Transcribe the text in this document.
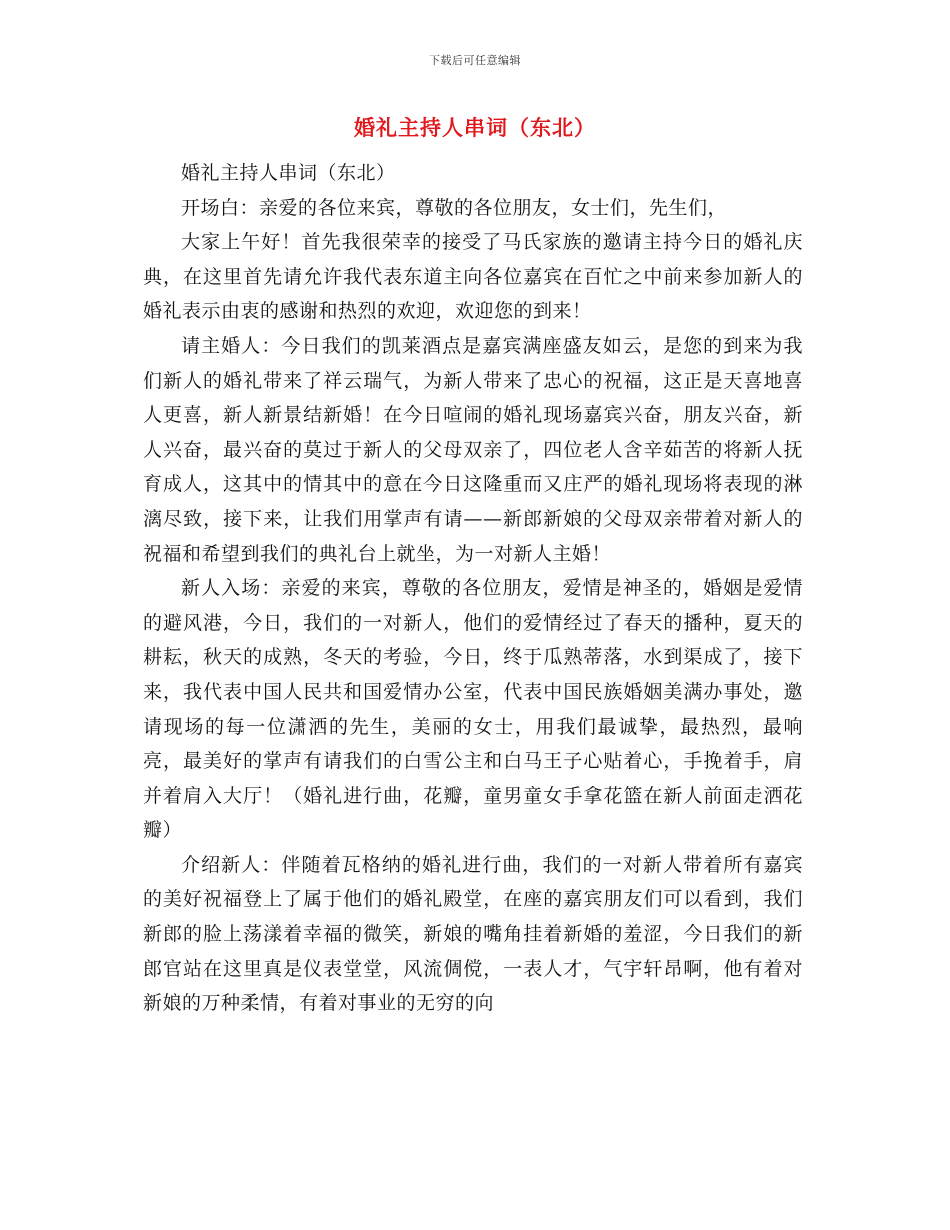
下载后可任意编辑
婚礼主持人串词（东北）

婚礼主持人串词（东北）

开场白：亲爱的各位来宾，尊敬的各位朋友，女士们，先生们，

大家上午好！首先我很荣幸的接受了马氏家族的邀请主持今日的婚礼庆典，在这里首先请允许我代表东道主向各位嘉宾在百忙之中前来参加新人的婚礼表示由衷的感谢和热烈的欢迎，欢迎您的到来！

请主婚人：今日我们的凯莱酒点是嘉宾满座盛友如云，是您的到来为我们新人的婚礼带来了祥云瑞气，为新人带来了忠心的祝福，这正是天喜地喜人更喜，新人新景结新婚！在今日喧闹的婚礼现场嘉宾兴奋，朋友兴奋，新人兴奋，最兴奋的莫过于新人的父母双亲了，四位老人含辛茹苦的将新人抚育成人，这其中的情其中的意在今日这隆重而又庄严的婚礼现场将表现的淋漓尽致，接下来，让我们用掌声有请——新郎新娘的父母双亲带着对新人的祝福和希望到我们的典礼台上就坐，为一对新人主婚！

新人入场：亲爱的来宾，尊敬的各位朋友，爱情是神圣的，婚姻是爱情的避风港，今日，我们的一对新人，他们的爱情经过了春天的播种，夏天的耕耘，秋天的成熟，冬天的考验，今日，终于瓜熟蒂落，水到渠成了，接下来，我代表中国人民共和国爱情办公室，代表中国民族婚姻美满办事处，邀请现场的每一位潇洒的先生，美丽的女士，用我们最诚挚，最热烈，最响亮，最美好的掌声有请我们的白雪公主和白马王子心贴着心，手挽着手，肩并着肩入大厅！（婚礼进行曲，花瓣，童男童女手拿花篮在新人前面走洒花瓣）

介绍新人：伴随着瓦格纳的婚礼进行曲，我们的一对新人带着所有嘉宾的美好祝福登上了属于他们的婚礼殿堂，在座的嘉宾朋友们可以看到，我们新郎的脸上荡漾着幸福的微笑，新娘的嘴角挂着新婚的羞涩，今日我们的新郎官站在这里真是仪表堂堂，风流倜傥，一表人才，气宇轩昂啊，他有着对新娘的万种柔情，有着对事业的无穷的向
